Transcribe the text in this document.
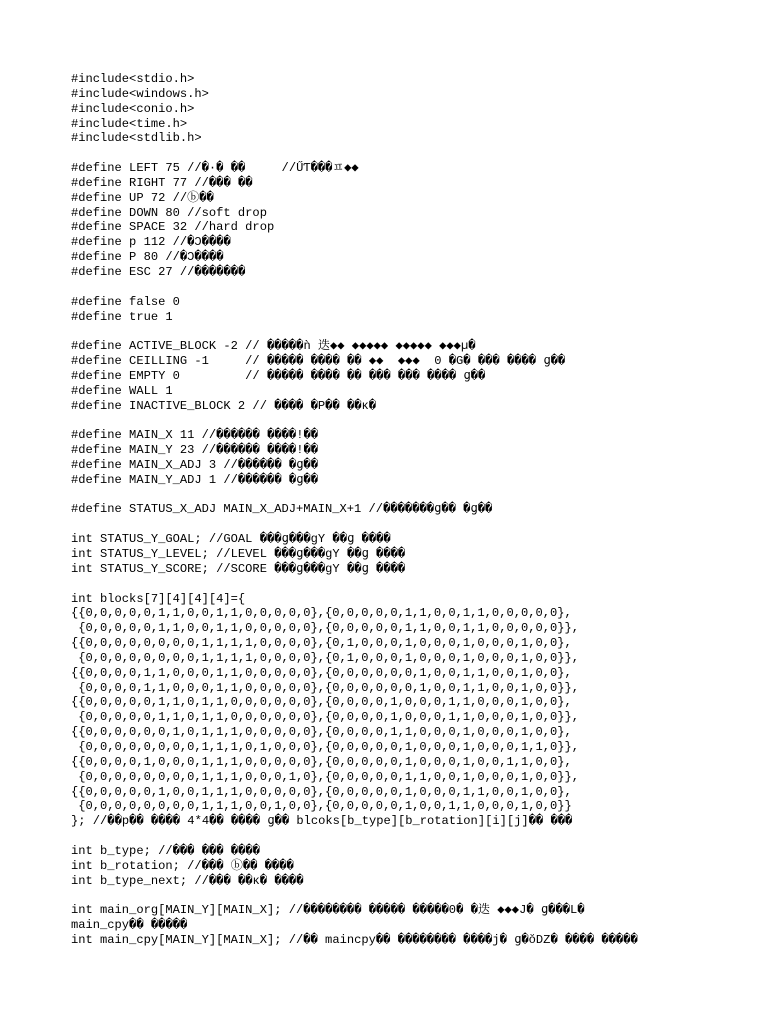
#include<stdio.h>
#include<windows.h>
#include<conio.h>
#include<time.h>
#include<stdlib.h>

#define LEFT 75 //�·� ��     //ŰƬ���ㅍ◆◆
#define RIGHT 77 //��� ��
#define UP 72 //ⓑ��
#define DOWN 80 //soft drop
#define SPACE 32 //hard drop
#define p 112 //�Ͻ����
#define P 80 //�Ͻ����
#define ESC 27 //�������

#define false 0
#define true 1

#define ACTIVE_BLOCK -2 // �����ǹ 迭◆◆ ◆◆◆◆◆ ◆◆◆◆◆ ◆◆◆µ�
#define CEILLING -1     // ����� ���� �� ◆◆  ◆◆◆  0 �G� ��� ���� ց��
#define EMPTY 0         // ����� ���� �� ��� ��� ���� ց��
#define WALL 1
#define INACTIVE_BLOCK 2 // ���� �P�� ��ĸ�

#define MAIN_X 11 //������ ����ǃ��
#define MAIN_Y 23 //������ ����ǃ��
#define MAIN_X_ADJ 3 //������ �ց��
#define MAIN_Y_ADJ 1 //������ �ց��

#define STATUS_X_ADJ MAIN_X_ADJ+MAIN_X+1 //�������ց�� �ց��

int STATUS_Y_GOAL; //GOAL ���ց���gY ��ց ����
int STATUS_Y_LEVEL; //LEVEL ���ց���gY ��ց ����
int STATUS_Y_SCORE; //SCORE ���ց���gY ��ց ����

int blocks[7][4][4][4]={
{{0,0,0,0,0,1,1,0,0,1,1,0,0,0,0,0},{0,0,0,0,0,1,1,0,0,1,1,0,0,0,0,0},
{0,0,0,0,0,1,1,0,0,1,1,0,0,0,0,0},{0,0,0,0,0,1,1,0,0,1,1,0,0,0,0,0}},
{{0,0,0,0,0,0,0,0,1,1,1,1,0,0,0,0},{0,1,0,0,0,1,0,0,0,1,0,0,0,1,0,0},
{0,0,0,0,0,0,0,0,1,1,1,1,0,0,0,0},{0,1,0,0,0,1,0,0,0,1,0,0,0,1,0,0}},
{{0,0,0,0,1,1,0,0,0,1,1,0,0,0,0,0},{0,0,0,0,0,0,1,0,0,1,1,0,0,1,0,0},
{0,0,0,0,1,1,0,0,0,1,1,0,0,0,0,0},{0,0,0,0,0,0,1,0,0,1,1,0,0,1,0,0}},
{{0,0,0,0,0,1,1,0,1,1,0,0,0,0,0,0},{0,0,0,0,1,0,0,0,1,1,0,0,0,1,0,0},
{0,0,0,0,0,1,1,0,1,1,0,0,0,0,0,0},{0,0,0,0,1,0,0,0,1,1,0,0,0,1,0,0}},
{{0,0,0,0,0,0,1,0,1,1,1,0,0,0,0,0},{0,0,0,0,1,1,0,0,0,1,0,0,0,1,0,0},
{0,0,0,0,0,0,0,0,1,1,1,0,1,0,0,0},{0,0,0,0,0,1,0,0,0,1,0,0,0,1,1,0}},
{{0,0,0,0,1,0,0,0,1,1,1,0,0,0,0,0},{0,0,0,0,0,1,0,0,0,1,0,0,1,1,0,0},
{0,0,0,0,0,0,0,0,1,1,1,0,0,0,1,0},{0,0,0,0,0,1,1,0,0,1,0,0,0,1,0,0}},
{{0,0,0,0,0,1,0,0,1,1,1,0,0,0,0,0},{0,0,0,0,0,1,0,0,0,1,1,0,0,1,0,0},
{0,0,0,0,0,0,0,0,1,1,1,0,0,1,0,0},{0,0,0,0,0,1,0,0,1,1,0,0,0,1,0,0}}
}; //��p�� ���� 4*4�� ���� ց�� blcoks[b_type][b_rotation][i][j]�� ���

int b_type; //��� ��� ����
int b_rotation; //��� ⓑ�� ����
int b_type_next; //��� ��ĸ� ����

int main_org[MAIN_Y][MAIN_X]; //�������� ����� �����0� �迭 ◆◆◆J� ց���L�
main_cpy�� �����
int main_cpy[MAIN_Y][MAIN_X]; //�� maincpy�� �������� ����j� ց�ŏDZ� ���� �����
